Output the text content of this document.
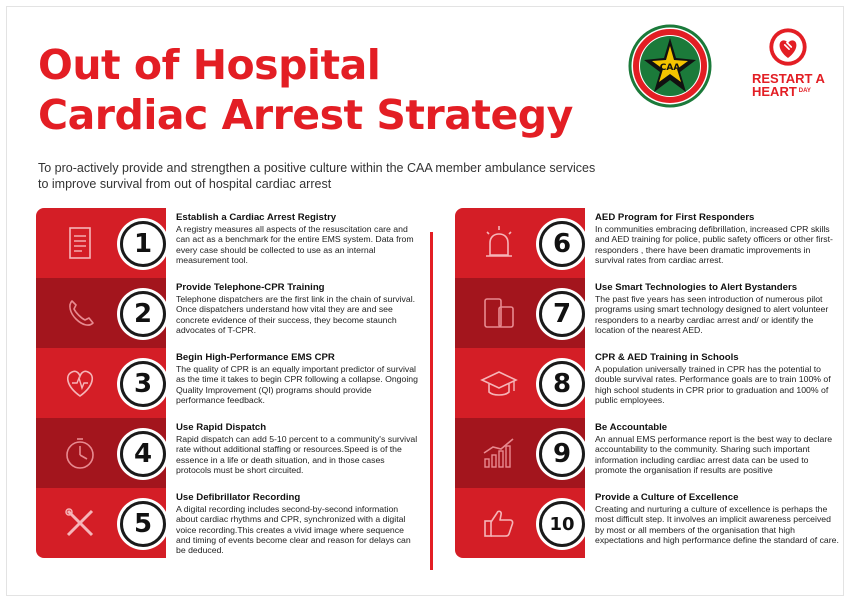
Out of Hospital
Cardiac Arrest Strategy
To pro-actively provide and strengthen a positive culture within the CAA member ambulance services
to improve survival from out of hospital cardiac arrest
CAA
RESTART A
HEART $^{DAY}$
1
Establish a Cardiac Arrest Registry
A registry measures all aspects of the resuscitation care and can act as a benchmark for the entire EMS system. Data from every case should be collected to use as an internal measurement tool.
2
Provide Telephone-CPR Training
Telephone dispatchers are the first link in the chain of survival. Once dispatchers understand how vital they are and see concrete evidence of their success, they become staunch advocates of T-CPR.
3
Begin High-Performance EMS CPR
The quality of CPR is an equally important predictor of survival as the time it takes to begin CPR following a collapse. Ongoing Quality Improvement (QI) programs should provide performance feedback.
4
Use Rapid Dispatch
Rapid dispatch can add 5-10 percent to a community's survival rate without additional staffing or resources.Speed is of the essence in a life or death situation, and in those cases protocols must be short circuited.
5
Use Defibrillator Recording
A digital recording includes second-by-second information about cardiac rhythms and CPR, synchronized with a digital voice recording.This creates a vivid image where sequence and timing of events become clear and reason for delays can be deduced.
6
AED Program for First Responders
In communities embracing defibrillation, increased CPR skills and AED training for police, public safety officers or other first-responders , there have been dramatic improvements in survival rates from cardiac arrest.
7
Use Smart Technologies to Alert Bystanders
The past five years has seen introduction of numerous pilot programs using smart technology designed to alert volunteer responders to a nearby cardiac arrest and/ or identify the location of the nearest AED.
8
CPR & AED Training in Schools
A population universally trained in CPR has the potential to double survival rates. Performance goals are to train 100% of high school students in CPR prior to graduation and 100% of public employees.
9
Be Accountable
An annual EMS performance report is the best way to declare accountability to the community. Sharing such important information including cardiac arrest data can be used to promote the organisation if results are positive
10
Provide a Culture of Excellence
Creating and nurturing a culture of excellence is perhaps the most difficult step. It involves an implicit awareness perceived by most or all members of the organisation that high expectations and high performance define the standard of care.
